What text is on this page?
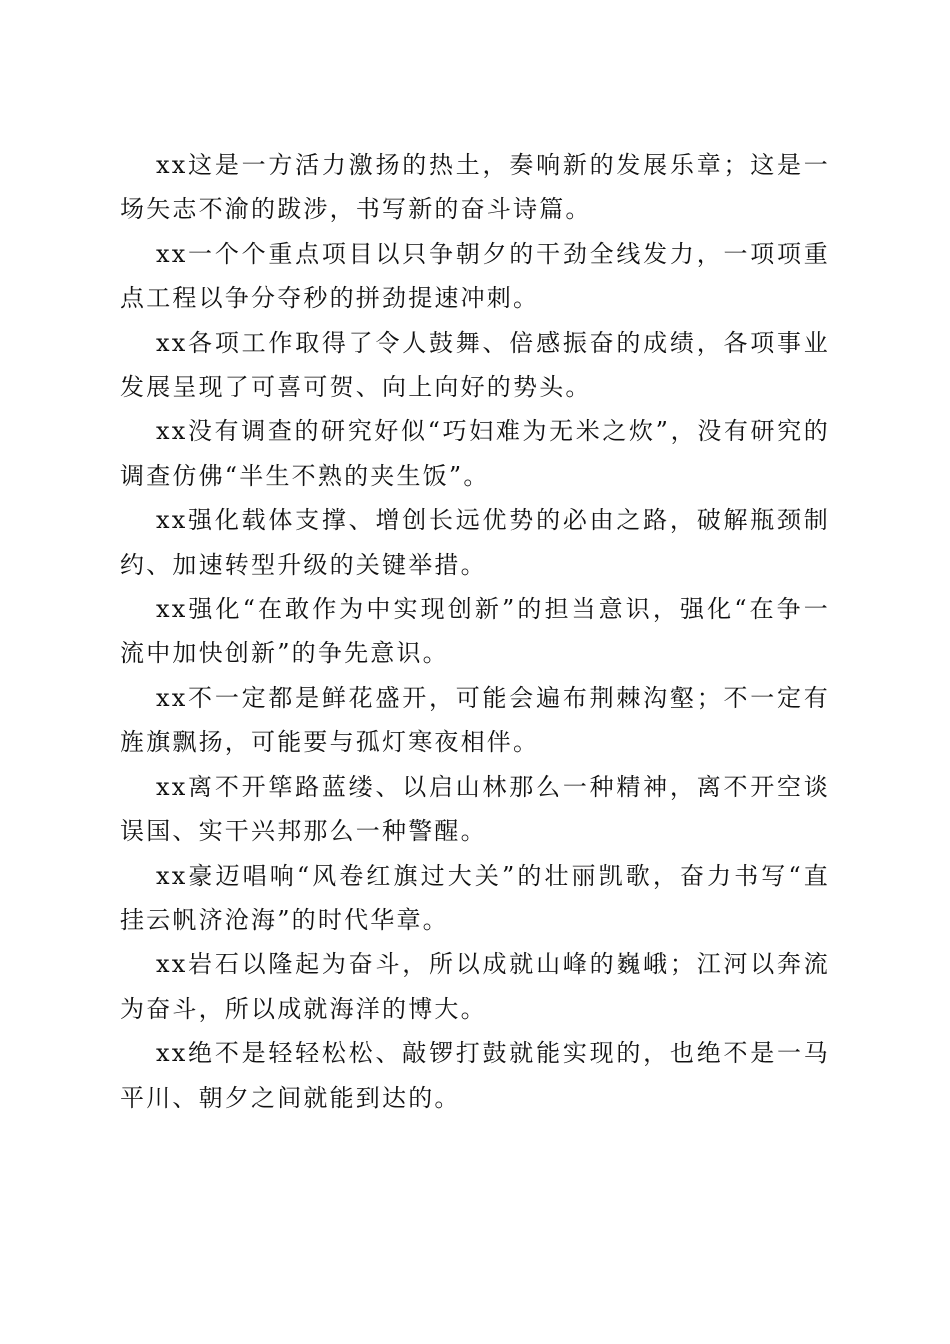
xx这是一方活力激扬的热土，奏响新的发展乐章；这是一场矢志不渝的跋涉，书写新的奋斗诗篇。

xx一个个重点项目以只争朝夕的干劲全线发力，一项项重点工程以争分夺秒的拼劲提速冲刺。

xx各项工作取得了令人鼓舞、倍感振奋的成绩，各项事业发展呈现了可喜可贺、向上向好的势头。

xx没有调查的研究好似“巧妇难为无米之炊”，没有研究的调查仿佛“半生不熟的夹生饭”。

xx强化载体支撑、增创长远优势的必由之路，破解瓶颈制约、加速转型升级的关键举措。

xx强化“在敢作为中实现创新”的担当意识，强化“在争一流中加快创新”的争先意识。

xx不一定都是鲜花盛开，可能会遍布荆棘沟壑；不一定有旌旗飘扬，可能要与孤灯寒夜相伴。

xx离不开筚路蓝缕、以启山林那么一种精神，离不开空谈误国、实干兴邦那么一种警醒。

xx豪迈唱响“风卷红旗过大关”的壮丽凯歌，奋力书写“直挂云帆济沧海”的时代华章。

xx岩石以隆起为奋斗，所以成就山峰的巍峨；江河以奔流为奋斗，所以成就海洋的博大。

xx绝不是轻轻松松、敲锣打鼓就能实现的，也绝不是一马平川、朝夕之间就能到达的。
